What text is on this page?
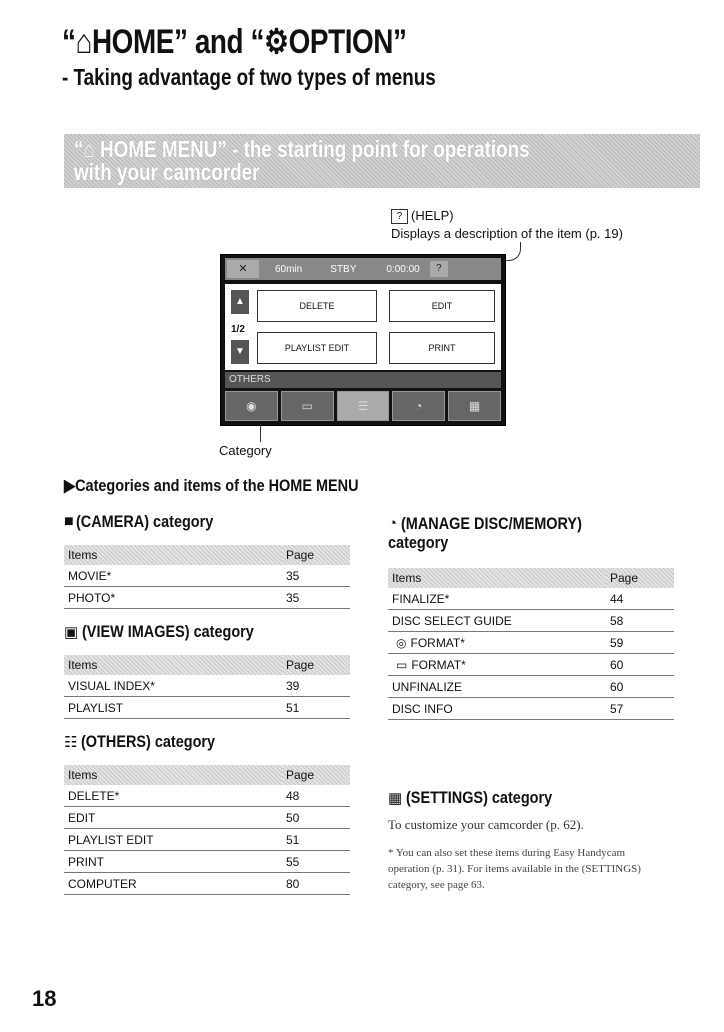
“⌂HOME” and “⚙OPTION”
- Taking advantage of two types of menus
“⌂ HOME MENU” - the starting point for operations with your camcorder
? (HELP)
Displays a description of the item (p. 19)
✕	60min	STBY	0:00:00	?
▲
1/2
▼
DELETE	EDIT
PLAYLIST EDIT	PRINT
OTHERS
◉	▭	☰	◔	▦
Category
▶Categories and items of the HOME MENU
■ (CAMERA) category
Items	Page
MOVIE*	35
PHOTO*	35
▣ (VIEW IMAGES) category
Items	Page
VISUAL INDEX*	39
PLAYLIST	51
☷ (OTHERS) category
Items	Page
DELETE*	48
EDIT	50
PLAYLIST EDIT	51
PRINT	55
COMPUTER	80
◔ (MANAGE DISC/MEMORY)
category
Items	Page
FINALIZE*	44
DISC SELECT GUIDE	58
◎ FORMAT*	59
▭ FORMAT*	60
UNFINALIZE	60
DISC INFO	57
▦ (SETTINGS) category
To customize your camcorder (p. 62).
* You can also set these items during Easy Handycam operation (p. 31). For items available in the (SETTINGS) category, see page 63.
18
